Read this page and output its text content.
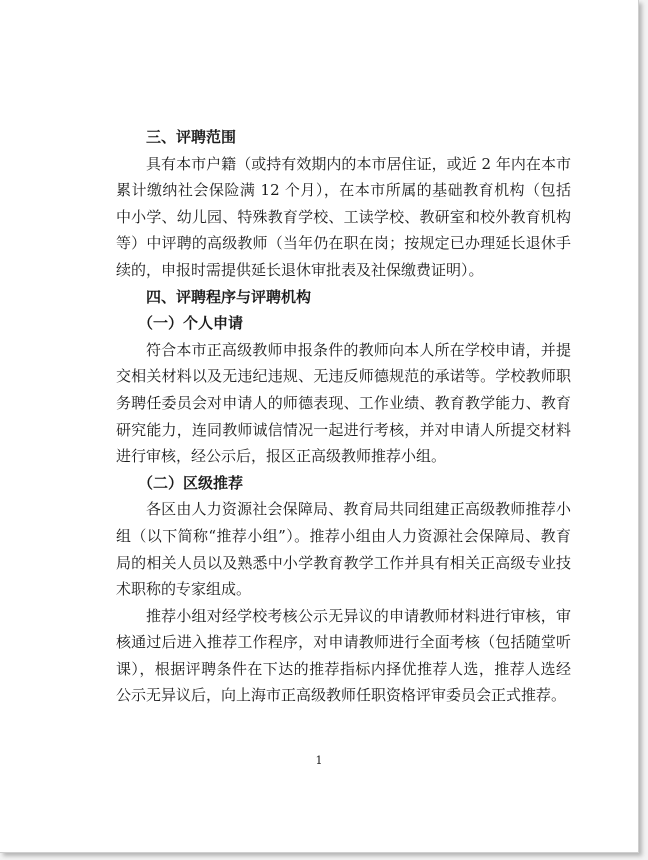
三、评聘范围

具有本市户籍（或持有效期内的本市居住证，或近 2 年内在本市累计缴纳社会保险满 12 个月），在本市所属的基础教育机构（包括中小学、幼儿园、特殊教育学校、工读学校、教研室和校外教育机构等）中评聘的高级教师（当年仍在职在岗；按规定已办理延长退休手续的，申报时需提供延长退休审批表及社保缴费证明）。

四、评聘程序与评聘机构

（一）个人申请

符合本市正高级教师申报条件的教师向本人所在学校申请，并提交相关材料以及无违纪违规、无违反师德规范的承诺等。学校教师职务聘任委员会对申请人的师德表现、工作业绩、教育教学能力、教育研究能力，连同教师诚信情况一起进行考核，并对申请人所提交材料进行审核，经公示后，报区正高级教师推荐小组。

（二）区级推荐

各区由人力资源社会保障局、教育局共同组建正高级教师推荐小组（以下简称“推荐小组”）。推荐小组由人力资源社会保障局、教育局的相关人员以及熟悉中小学教育教学工作并具有相关正高级专业技术职称的专家组成。

推荐小组对经学校考核公示无异议的申请教师材料进行审核，审核通过后进入推荐工作程序，对申请教师进行全面考核（包括随堂听课），根据评聘条件在下达的推荐指标内择优推荐人选，推荐人选经公示无异议后，向上海市正高级教师任职资格评审委员会正式推荐。

1
